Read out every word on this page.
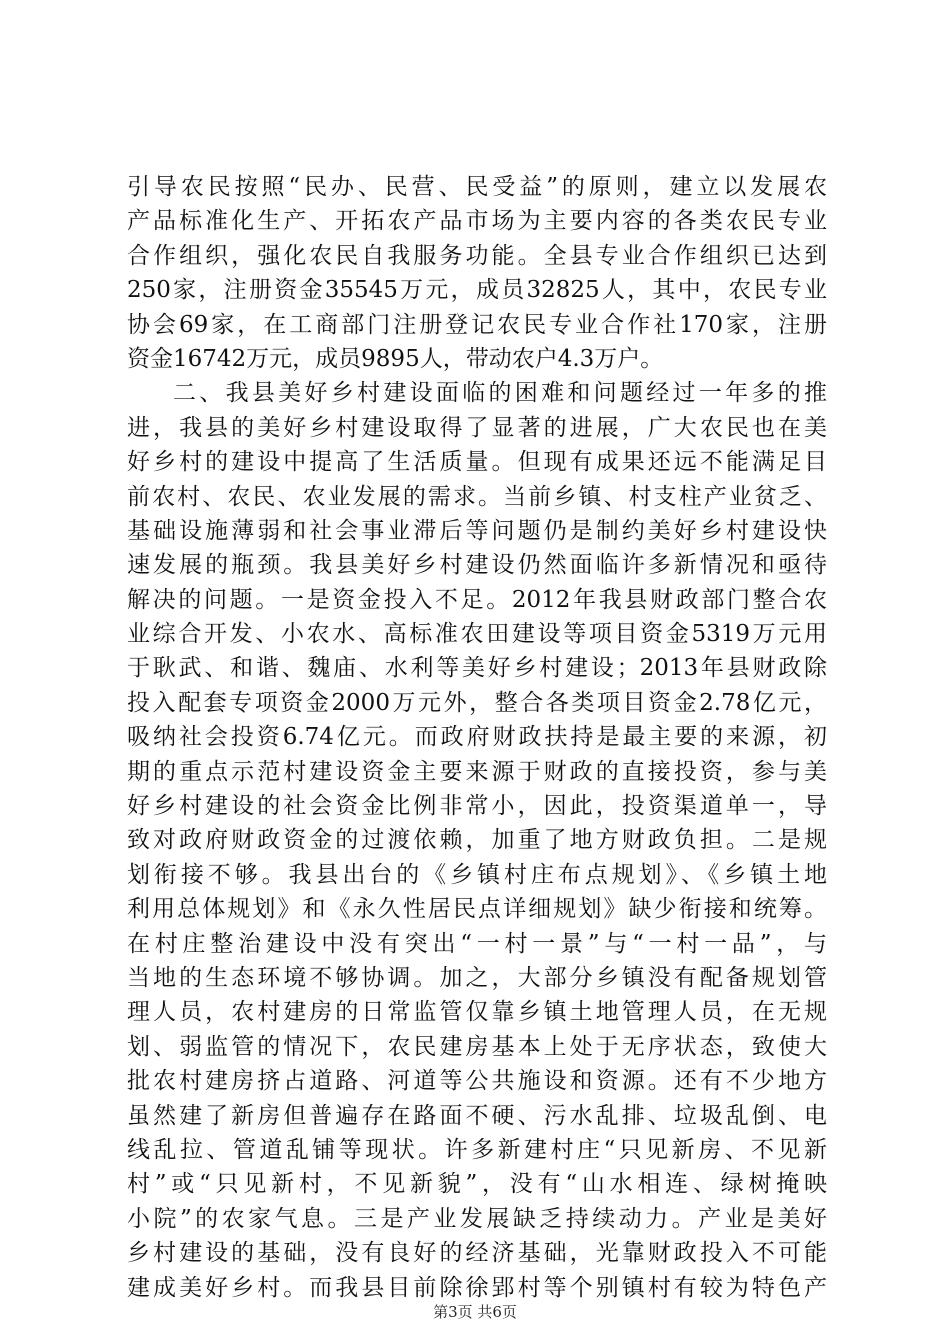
引导农民按照“民办、民营、民受益”的原则，建立以发展农
产品标准化生产、开拓农产品市场为主要内容的各类农民专业
合作组织，强化农民自我服务功能。全县专业合作组织已达到
250家，注册资金35545万元，成员32825人，其中，农民专业
协会69家，在工商部门注册登记农民专业合作社170家，注册
资金16742万元，成员9895人，带动农户4.3万户。
二、我县美好乡村建设面临的困难和问题经过一年多的推
进，我县的美好乡村建设取得了显著的进展，广大农民也在美
好乡村的建设中提高了生活质量。但现有成果还远不能满足目
前农村、农民、农业发展的需求。当前乡镇、村支柱产业贫乏、
基础设施薄弱和社会事业滞后等问题仍是制约美好乡村建设快
速发展的瓶颈。我县美好乡村建设仍然面临许多新情况和亟待
解决的问题。一是资金投入不足。2012年我县财政部门整合农
业综合开发、小农水、高标准农田建设等项目资金5319万元用
于耿武、和谐、魏庙、水利等美好乡村建设；2013年县财政除
投入配套专项资金2000万元外，整合各类项目资金2.78亿元，
吸纳社会投资6.74亿元。而政府财政扶持是最主要的来源，初
期的重点示范村建设资金主要来源于财政的直接投资，参与美
好乡村建设的社会资金比例非常小，因此，投资渠道单一，导
致对政府财政资金的过渡依赖，加重了地方财政负担。二是规
划衔接不够。我县出台的《乡镇村庄布点规划》、《乡镇土地
利用总体规划》和《永久性居民点详细规划》缺少衔接和统筹。
在村庄整治建设中没有突出“一村一景”与“一村一品”，与
当地的生态环境不够协调。加之，大部分乡镇没有配备规划管
理人员，农村建房的日常监管仅靠乡镇土地管理人员，在无规
划、弱监管的情况下，农民建房基本上处于无序状态，致使大
批农村建房挤占道路、河道等公共施设和资源。还有不少地方
虽然建了新房但普遍存在路面不硬、污水乱排、垃圾乱倒、电
线乱拉、管道乱铺等现状。许多新建村庄“只见新房、不见新
村”或“只见新村，不见新貌”，没有“山水相连、绿树掩映
小院”的农家气息。三是产业发展缺乏持续动力。产业是美好
乡村建设的基础，没有良好的经济基础，光靠财政投入不可能
建成美好乡村。而我县目前除徐郢村等个别镇村有较为特色产
第3页 共6页
